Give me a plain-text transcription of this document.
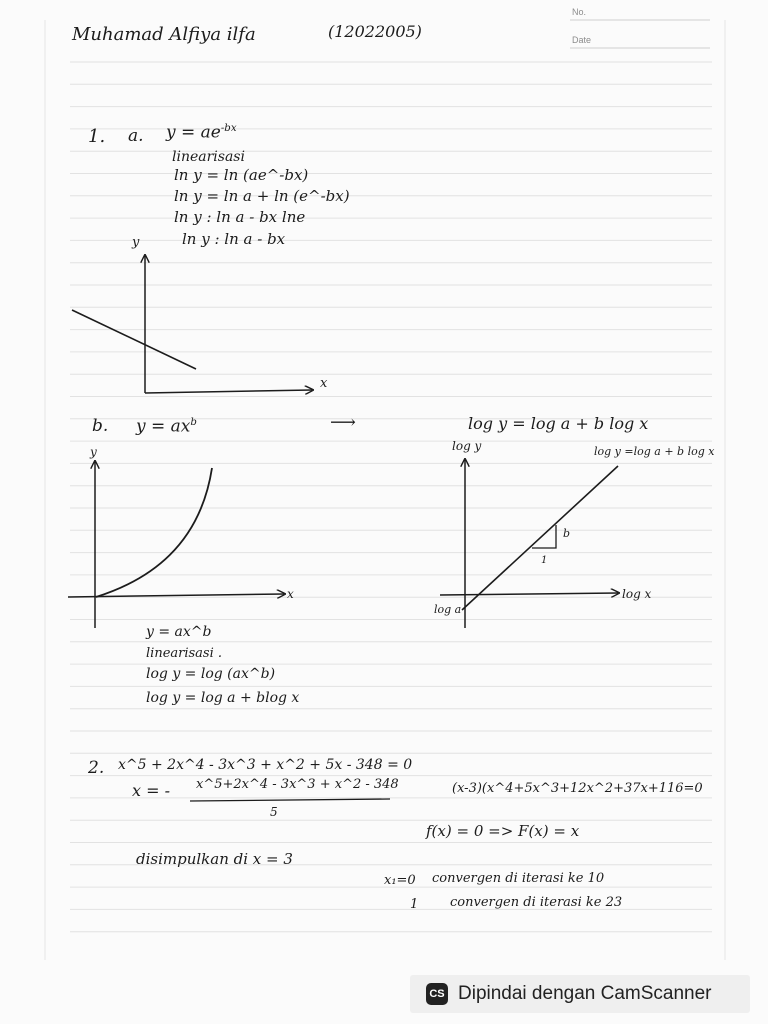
No.
Date
Muhamad Alfiya ilfa	(12022005)
1. a. $y = ae^{-bx}$
linearisasi
ln y = ln (ae^-bx)
ln y = ln a + ln (e^-bx)
ln y : ln a - bx lne
ln y : ln a - bx
y
x
b. $y = ax^b$	⟶	log y = log a + b log x
y
x
log y	log y =log a + b log x
b
1
log x
log a
y = ax^b
linearisasi .
log y = log (ax^b)
log y = log a + blog x
2. x^5 + 2x^4 - 3x^3 + x^2 + 5x - 348 = 0
x = - x^5+2x^4 - 3x^3 + x^2 - 348
5
(x-3)(x^4+5x^3+12x^2+37x+116=0
f(x) = 0 => F(x) = x
disimpulkan di x = 3
x₁=0 convergen di iterasi ke 10
1 convergen di iterasi ke 23
CS Dipindai dengan CamScanner
